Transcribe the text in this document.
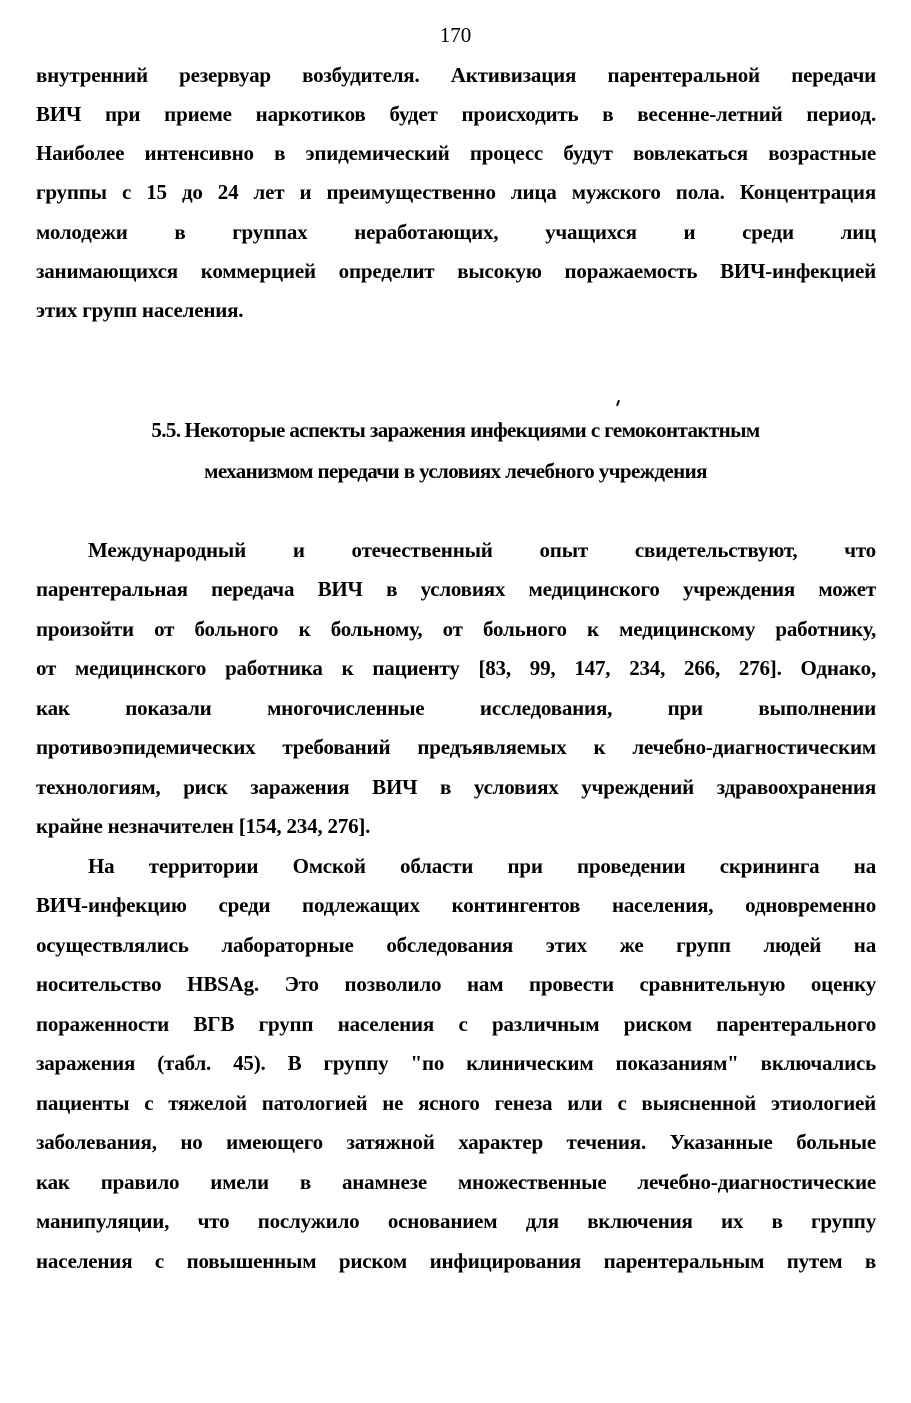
170
внутренний резервуар возбудителя. Активизация парентеральной передачи
ВИЧ при приеме наркотиков будет происходить в весенне-летний период.
Наиболее интенсивно в эпидемический процесс будут вовлекаться возрастные
группы с 15 до 24 лет и преимущественно лица мужского пола. Концентрация
молодежи в группах неработающих, учащихся и среди лиц
занимающихся коммерцией определит высокую поражаемость ВИЧ-инфекцией
этих групп населения.
5.5. Некоторые аспекты заражения инфекциями с гемоконтактным
механизмом передачи в условиях лечебного учреждения
Международный и отечественный опыт свидетельствуют, что
парентеральная передача ВИЧ в условиях медицинского учреждения может
произойти от больного к больному, от больного к медицинскому работнику,
от медицинского работника к пациенту [83, 99, 147, 234, 266, 276]. Однако,
как показали многочисленные исследования, при выполнении
противоэпидемических требований предъявляемых к лечебно-диагностическим
технологиям, риск заражения ВИЧ в условиях учреждений здравоохранения
крайне незначителен [154, 234, 276].
На территории Омской области при проведении скрининга на
ВИЧ-инфекцию среди подлежащих контингентов населения, одновременно
осуществлялись лабораторные обследования этих же групп людей на
носительство HBSAg. Это позволило нам провести сравнительную оценку
пораженности ВГВ групп населения с различным риском парентерального
заражения (табл. 45). В группу "по клиническим показаниям" включались
пациенты с тяжелой патологией не ясного генеза или с выясненной этиологией
заболевания, но имеющего затяжной характер течения. Указанные больные
как правило имели в анамнезе множественные лечебно-диагностические
манипуляции, что послужило основанием для включения их в группу
населения с повышенным риском инфицирования парентеральным путем в
